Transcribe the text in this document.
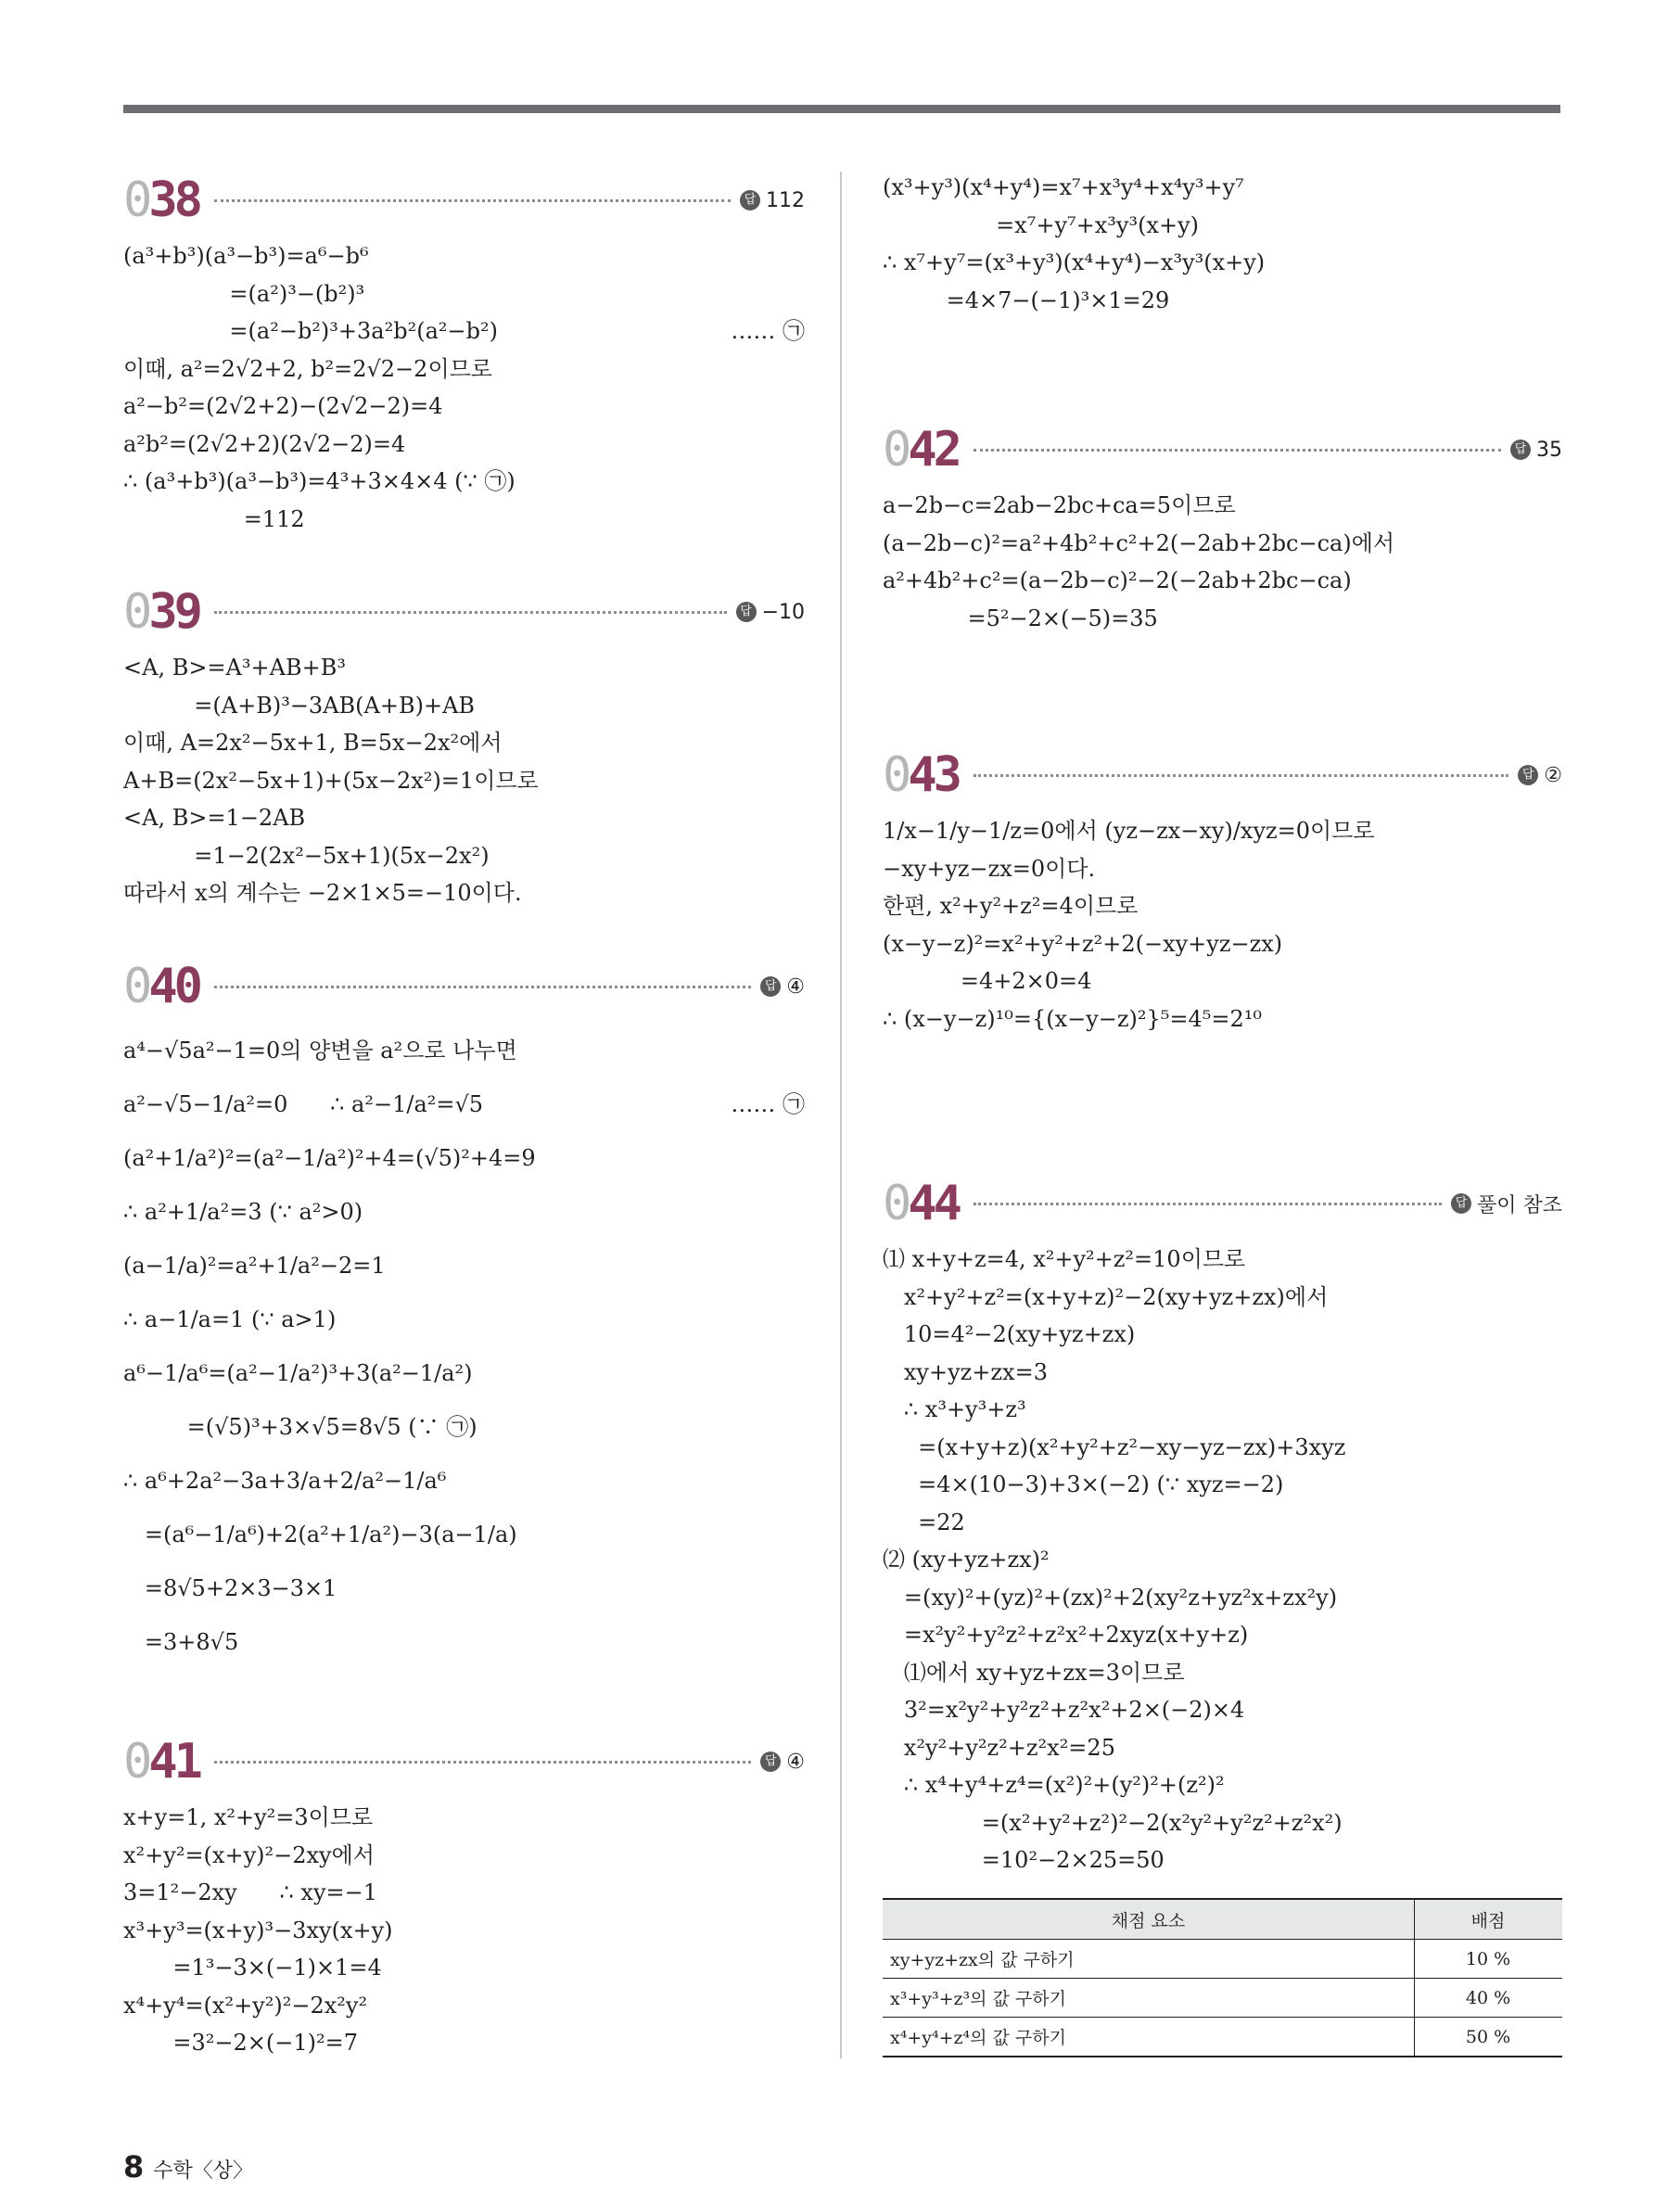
0 38	답 112
(a³+b³)(a³−b³)=a⁶−b⁶
=(a²)³−(b²)³
=(a²−b²)³+3a²b²(a²−b²)	…… ㉠
이때, a²=2√2+2, b²=2√2−2이므로
a²−b²=(2√2+2)−(2√2−2)=4
a²b²=(2√2+2)(2√2−2)=4
∴ (a³+b³)(a³−b³)=4³+3×4×4 (∵ ㉠)
=112
0 39	답 −10
<A, B>=A³+AB+B³
=(A+B)³−3AB(A+B)+AB
이때, A=2x²−5x+1, B=5x−2x²에서
A+B=(2x²−5x+1)+(5x−2x²)=1이므로
<A, B>=1−2AB
=1−2(2x²−5x+1)(5x−2x²)
따라서 x의 계수는 −2×1×5=−10이다.
0 40	답 ④
a⁴−√5a²−1=0의 양변을 a²으로 나누면
a²−√5−1/a²=0      ∴ a²−1/a²=√5	…… ㉠
(a²+1/a²)²=(a²−1/a²)²+4=(√5)²+4=9
∴ a²+1/a²=3 (∵ a²>0)
(a−1/a)²=a²+1/a²−2=1
∴ a−1/a=1 (∵ a>1)
a⁶−1/a⁶=(a²−1/a²)³+3(a²−1/a²)
=(√5)³+3×√5=8√5 (∵ ㉠)
∴ a⁶+2a²−3a+3/a+2/a²−1/a⁶
=(a⁶−1/a⁶)+2(a²+1/a²)−3(a−1/a)
=8√5+2×3−3×1
=3+8√5
0 41	답 ④
x+y=1, x²+y²=3이므로
x²+y²=(x+y)²−2xy에서
3=1²−2xy      ∴ xy=−1
x³+y³=(x+y)³−3xy(x+y)
=1³−3×(−1)×1=4
x⁴+y⁴=(x²+y²)²−2x²y²
=3²−2×(−1)²=7
(x³+y³)(x⁴+y⁴)=x⁷+x³y⁴+x⁴y³+y⁷
=x⁷+y⁷+x³y³(x+y)
∴ x⁷+y⁷=(x³+y³)(x⁴+y⁴)−x³y³(x+y)
=4×7−(−1)³×1=29
0 42	답 35
a−2b−c=2ab−2bc+ca=5이므로
(a−2b−c)²=a²+4b²+c²+2(−2ab+2bc−ca)에서
a²+4b²+c²=(a−2b−c)²−2(−2ab+2bc−ca)
=5²−2×(−5)=35
0 43	답 ②
1/x−1/y−1/z=0에서 (yz−zx−xy)/xyz=0이므로
−xy+yz−zx=0이다.
한편, x²+y²+z²=4이므로
(x−y−z)²=x²+y²+z²+2(−xy+yz−zx)
=4+2×0=4
∴ (x−y−z)¹⁰={(x−y−z)²}⁵=4⁵=2¹⁰
0 44	답 풀이 참조
⑴ x+y+z=4, x²+y²+z²=10이므로
x²+y²+z²=(x+y+z)²−2(xy+yz+zx)에서
10=4²−2(xy+yz+zx)
xy+yz+zx=3
∴ x³+y³+z³
=(x+y+z)(x²+y²+z²−xy−yz−zx)+3xyz
=4×(10−3)+3×(−2) (∵ xyz=−2)
=22
⑵ (xy+yz+zx)²
=(xy)²+(yz)²+(zx)²+2(xy²z+yz²x+zx²y)
=x²y²+y²z²+z²x²+2xyz(x+y+z)
⑴에서 xy+yz+zx=3이므로
3²=x²y²+y²z²+z²x²+2×(−2)×4
x²y²+y²z²+z²x²=25
∴ x⁴+y⁴+z⁴=(x²)²+(y²)²+(z²)²
=(x²+y²+z²)²−2(x²y²+y²z²+z²x²)
=10²−2×25=50
채점 요소	배점
xy+yz+zx의 값 구하기	10 %
x³+y³+z³의 값 구하기	40 %
x⁴+y⁴+z⁴의 값 구하기	50 %
8 수학〈상〉
